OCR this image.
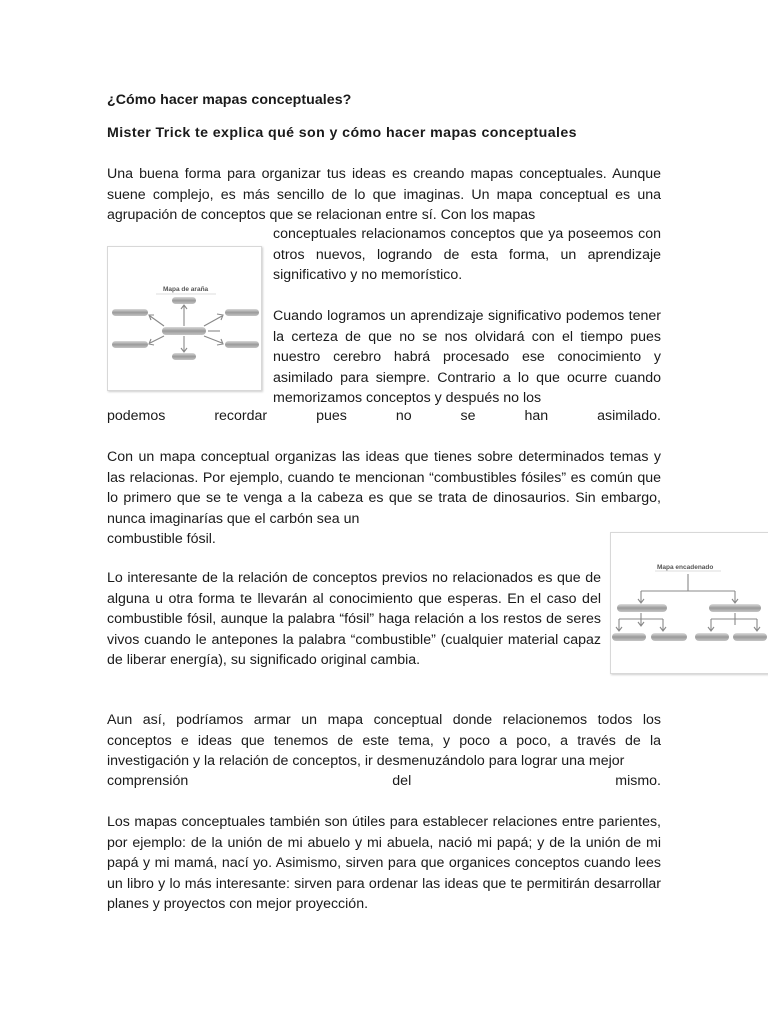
¿Cómo hacer mapas conceptuales?
Mister Trick te explica qué son y cómo hacer mapas conceptuales
Una buena forma para organizar tus ideas es creando mapas conceptuales. Aunque suene complejo, es más sencillo de lo que imaginas. Un mapa conceptual es una agrupación de conceptos que se relacionan entre sí. Con los mapas
conceptuales relacionamos conceptos que ya poseemos con otros nuevos, logrando de esta forma, un aprendizaje significativo y no memorístico.
Mapa de araña
Cuando logramos un aprendizaje significativo podemos tener la certeza de que no se nos olvidará con el tiempo pues nuestro cerebro habrá procesado ese conocimiento y asimilado para siempre. Contrario a lo que ocurre cuando memorizamos conceptos y después no los
podemos recordar pues no se han asimilado.
Con un mapa conceptual organizas las ideas que tienes sobre determinados temas y las relacionas. Por ejemplo, cuando te mencionan “combustibles fósiles” es común que lo primero que se te venga a la cabeza es que se trata de dinosaurios. Sin embargo, nunca imaginarías que el carbón sea un
combustible fósil.
Mapa encadenado
Lo interesante de la relación de conceptos previos no relacionados es que de alguna u otra forma te llevarán al conocimiento que esperas. En el caso del combustible fósil, aunque la palabra “fósil” haga relación a los restos de seres vivos cuando le antepones la palabra “combustible” (cualquier material capaz de liberar energía), su significado original cambia.
Aun así, podríamos armar un mapa conceptual donde relacionemos todos los conceptos e ideas que tenemos de este tema, y poco a poco, a través de la investigación y la relación de conceptos, ir desmenuzándolo para lograr una mejor
comprensión del mismo.
Los mapas conceptuales también son útiles para establecer relaciones entre parientes, por ejemplo: de la unión de mi abuelo y mi abuela, nació mi papá; y de la unión de mi papá y mi mamá, nací yo. Asimismo, sirven para que organices conceptos cuando lees un libro y lo más interesante: sirven para ordenar las ideas que te permitirán desarrollar planes y proyectos con mejor proyección.
